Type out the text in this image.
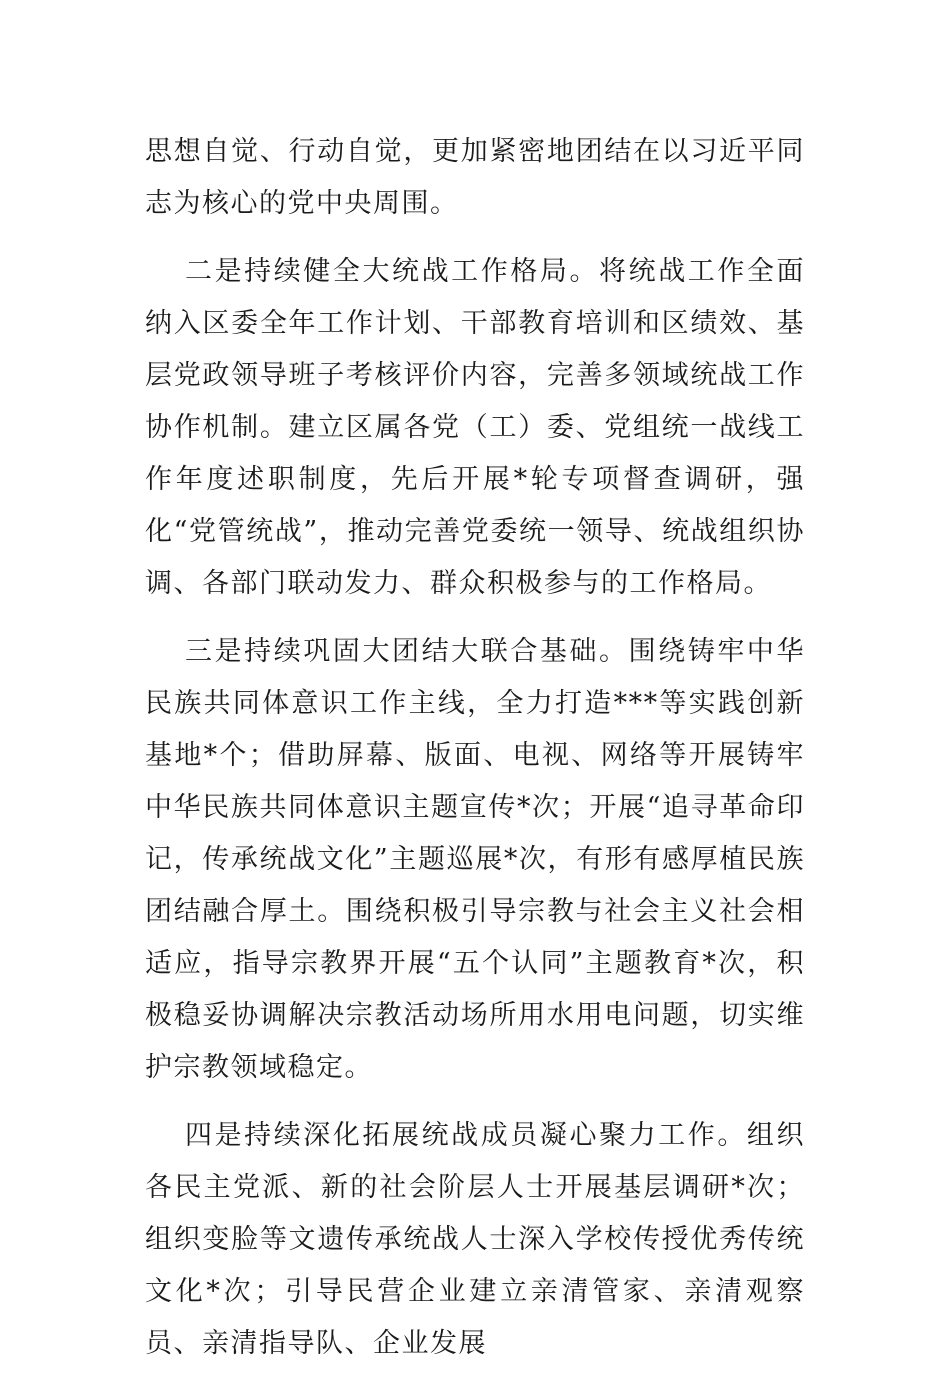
思想自觉、行动自觉，更加紧密地团结在以习近平同志为核心的党中央周围。

二是持续健全大统战工作格局。将统战工作全面纳入区委全年工作计划、干部教育培训和区绩效、基层党政领导班子考核评价内容，完善多领域统战工作协作机制。建立区属各党（工）委、党组统一战线工作年度述职制度，先后开展*轮专项督查调研，强化“党管统战”，推动完善党委统一领导、统战组织协调、各部门联动发力、群众积极参与的工作格局。

三是持续巩固大团结大联合基础。围绕铸牢中华民族共同体意识工作主线，全力打造***等实践创新基地*个；借助屏幕、版面、电视、网络等开展铸牢中华民族共同体意识主题宣传*次；开展“追寻革命印记，传承统战文化”主题巡展*次，有形有感厚植民族团结融合厚土。围绕积极引导宗教与社会主义社会相适应，指导宗教界开展“五个认同”主题教育*次，积极稳妥协调解决宗教活动场所用水用电问题，切实维护宗教领域稳定。

四是持续深化拓展统战成员凝心聚力工作。组织各民主党派、新的社会阶层人士开展基层调研*次；组织变脸等文遗传承统战人士深入学校传授优秀传统文化*次；引导民营企业建立亲清管家、亲清观察员、亲清指导队、企业发展
